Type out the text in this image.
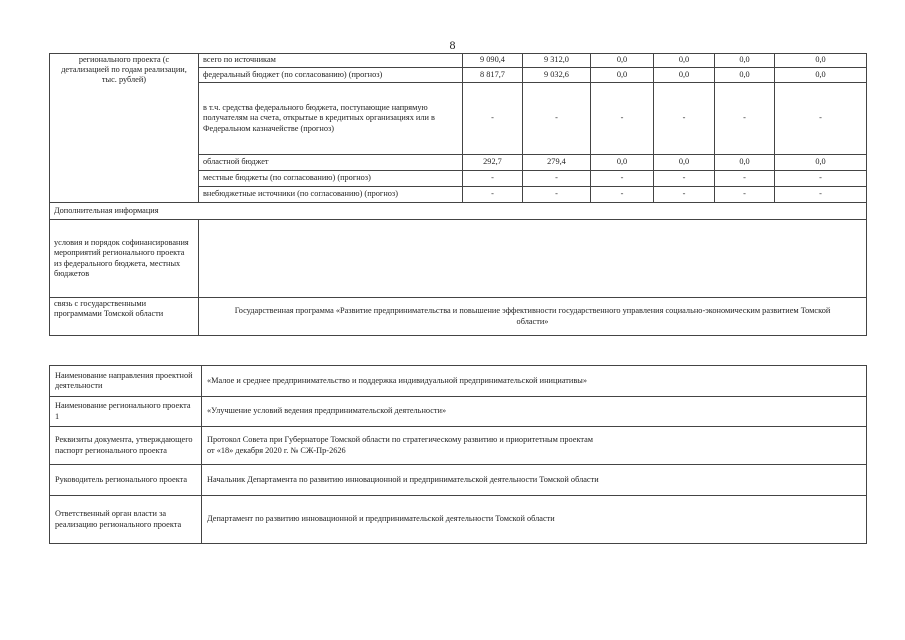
8
регионального проекта (с детализацией по годам реализации, тыс. рублей)	всего по источникам	9 090,4	9 312,0	0,0	0,0	0,0	0,0
	федеральный бюджет (по согласованию) (прогноз)	8 817,7	9 032,6	0,0	0,0	0,0	0,0
	в т.ч. средства федерального бюджета, поступающие напрямую получателям на счета, открытые в кредитных организациях или в Федеральном казначействе (прогноз)	-	-	-	-	-	-
	областной бюджет	292,7	279,4	0,0	0,0	0,0	0,0
	местные бюджеты (по согласованию) (прогноз)	-	-	-	-	-	-
	внебюджетные источники (по согласованию) (прогноз)	-	-	-	-	-	-
Дополнительная информация							
условия и порядок софинансирования мероприятий регионального проекта из федерального бюджета, местных бюджетов							
связь с государственными программами Томской области	Государственная программа «Развитие предпринимательства и повышение эффективности государственного управления социально-экономическим развитием Томской области»						
Наименование направления проектной деятельности	«Малое и среднее предпринимательство и поддержка индивидуальной предпринимательской инициативы»
Наименование регионального проекта 1	«Улучшение условий ведения предпринимательской деятельности»
Реквизиты документа, утверждающего паспорт регионального проекта	Протокол Совета при Губернаторе Томской области по стратегическому развитию и приоритетным проектам
от «18» декабря 2020 г. № СЖ-Пр-2626

Руководитель регионального проекта	Начальник Департамента по развитию инновационной и предпринимательской деятельности Томской области
Ответственный орган власти за реализацию регионального проекта	Департамент по развитию инновационной и предпринимательской деятельности Томской области
